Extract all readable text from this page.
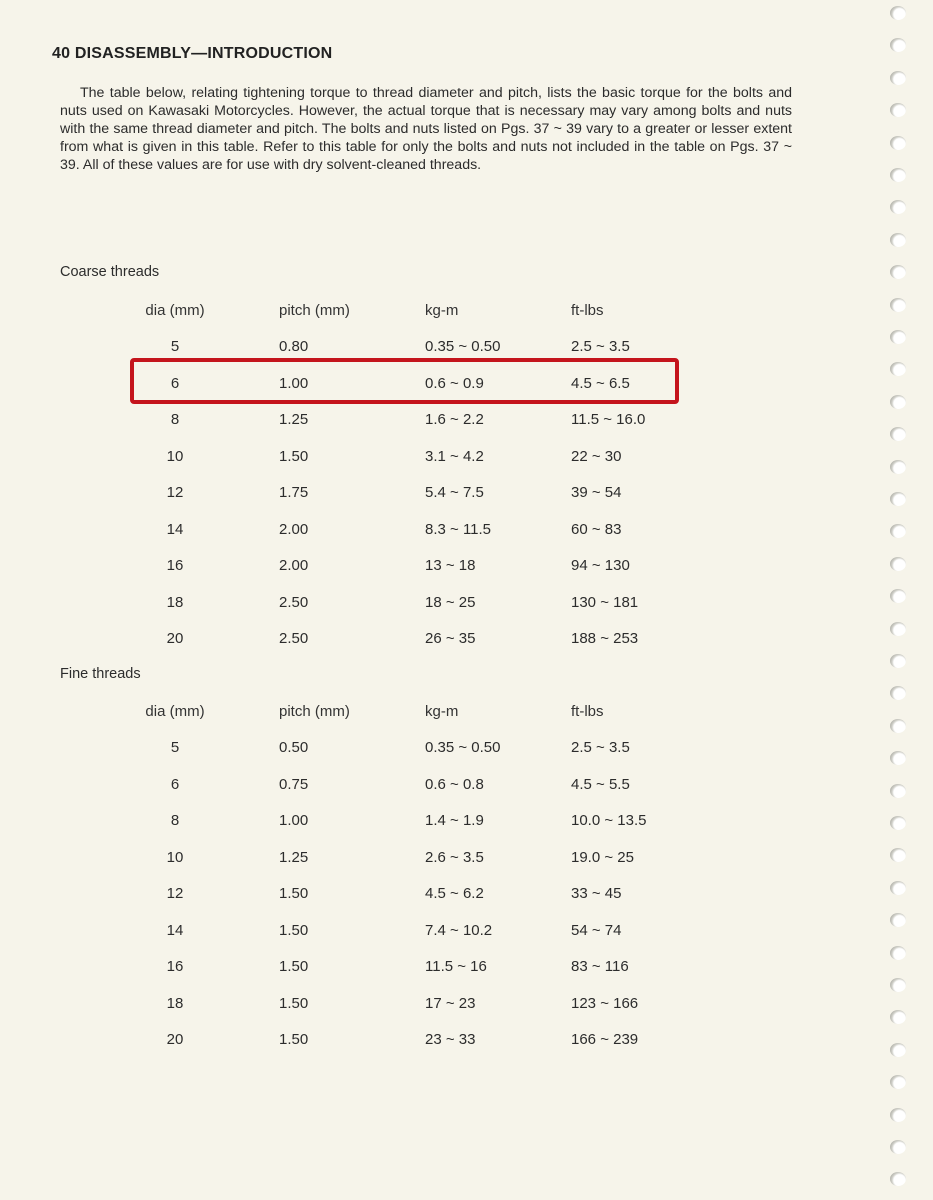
40 DISASSEMBLY—INTRODUCTION

The table below, relating tightening torque to thread diameter and pitch, lists the basic torque for the bolts and nuts used on Kawasaki Motorcycles. However, the actual torque that is necessary may vary among bolts and nuts with the same thread diameter and pitch. The bolts and nuts listed on Pgs. 37 ~ 39 vary to a greater or lesser extent from what is given in this table. Refer to this table for only the bolts and nuts not included in the table on Pgs. 37 ~ 39. All of these values are for use with dry solvent-cleaned threads.

Coarse threads
dia (mm)	pitch (mm)	kg-m	ft-lbs
5	0.80	0.35 ~ 0.50	2.5 ~ 3.5
6	1.00	0.6 ~ 0.9	4.5 ~ 6.5
8	1.25	1.6 ~ 2.2	11.5 ~ 16.0
10	1.50	3.1 ~ 4.2	22 ~ 30
12	1.75	5.4 ~ 7.5	39 ~ 54
14	2.00	8.3 ~ 11.5	60 ~ 83
16	2.00	13 ~ 18	94 ~ 130
18	2.50	18 ~ 25	130 ~ 181
20	2.50	26 ~ 35	188 ~ 253
Fine threads
dia (mm)	pitch (mm)	kg-m	ft-lbs
5	0.50	0.35 ~ 0.50	2.5 ~ 3.5
6	0.75	0.6 ~ 0.8	4.5 ~ 5.5
8	1.00	1.4 ~ 1.9	10.0 ~ 13.5
10	1.25	2.6 ~ 3.5	19.0 ~ 25
12	1.50	4.5 ~ 6.2	33 ~ 45
14	1.50	7.4 ~ 10.2	54 ~ 74
16	1.50	11.5 ~ 16	83 ~ 116
18	1.50	17 ~ 23	123 ~ 166
20	1.50	23 ~ 33	166 ~ 239
